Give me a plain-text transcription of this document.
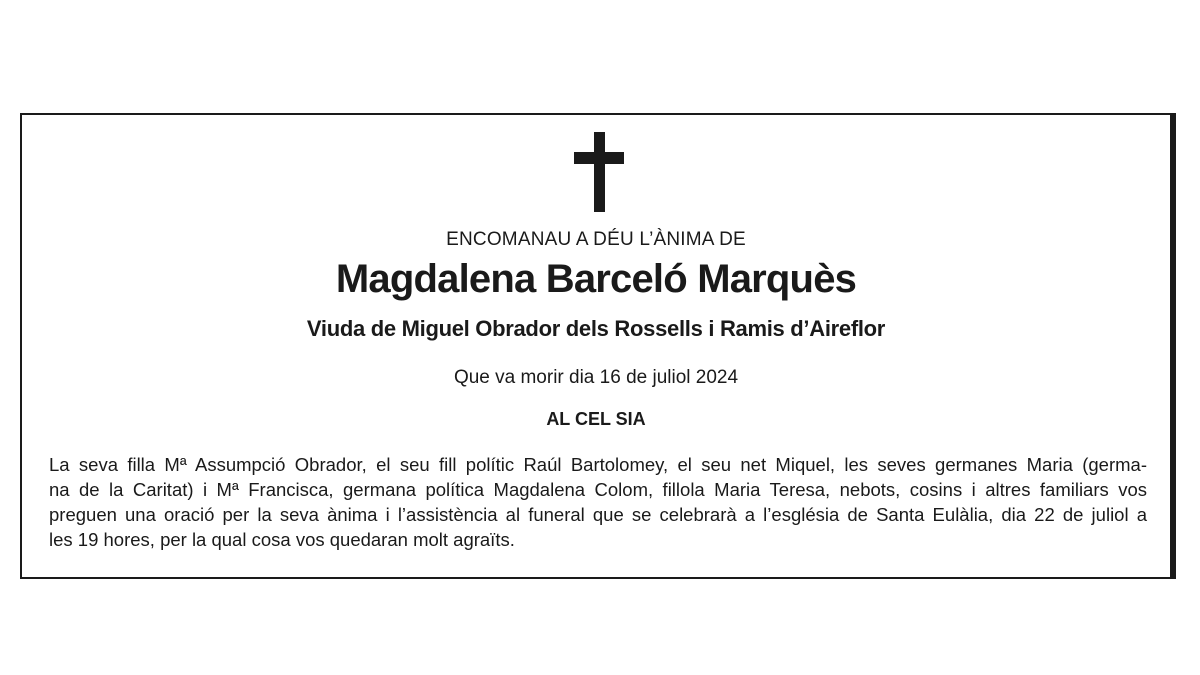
ENCOMANAU A DÉU L’ÀNIMA DE
Magdalena Barceló Marquès
Viuda de Miguel Obrador dels Rossells i Ramis d’Aireflor
Que va morir dia 16 de juliol 2024
AL CEL SIA
La seva filla Mª Assumpció Obrador, el seu fill polític Raúl Bartolomey, el seu net Miquel, les seves germanes Maria (germa-
na de la Caritat) i Mª Francisca, germana política Magdalena Colom, fillola Maria Teresa, nebots, cosins i altres familiars vos
preguen una oració per la seva ànima i l’assistència al funeral que se celebrarà a l’església de Santa Eulàlia, dia 22 de juliol a
les 19 hores, per la qual cosa vos quedaran molt agraïts.
